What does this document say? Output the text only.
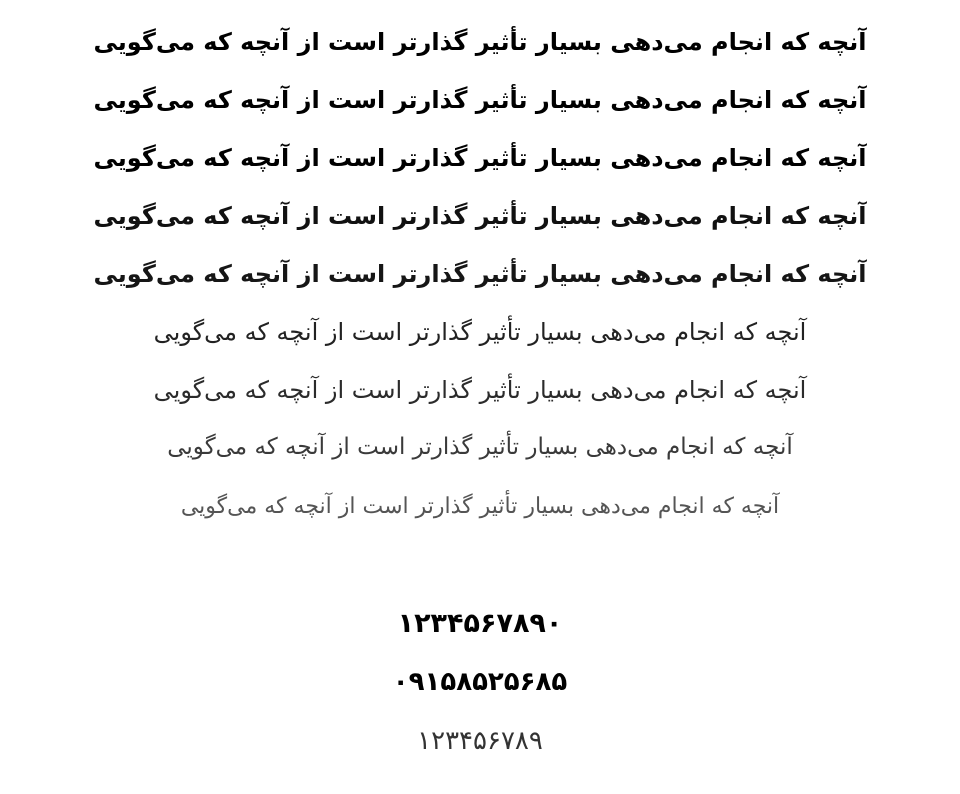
آنچه که انجام می‌دهی بسیار تأثیر گذارتر است از آنچه که می‌گویی
آنچه که انجام می‌دهی بسیار تأثیر گذارتر است از آنچه که می‌گویی
آنچه که انجام می‌دهی بسیار تأثیر گذارتر است از آنچه که می‌گویی
آنچه که انجام می‌دهی بسیار تأثیر گذارتر است از آنچه که می‌گویی
آنچه که انجام می‌دهی بسیار تأثیر گذارتر است از آنچه که می‌گویی
آنچه که انجام می‌دهی بسیار تأثیر گذارتر است از آنچه که می‌گویی
آنچه که انجام می‌دهی بسیار تأثیر گذارتر است از آنچه که می‌گویی
آنچه که انجام می‌دهی بسیار تأثیر گذارتر است از آنچه که می‌گویی
آنچه که انجام می‌دهی بسیار تأثیر گذارتر است از آنچه که می‌گویی
۱۲۳۴۵۶۷۸۹۰
۰۹۱۵۸۵۲۵۶۸۵
۱۲۳۴۵۶۷۸۹
